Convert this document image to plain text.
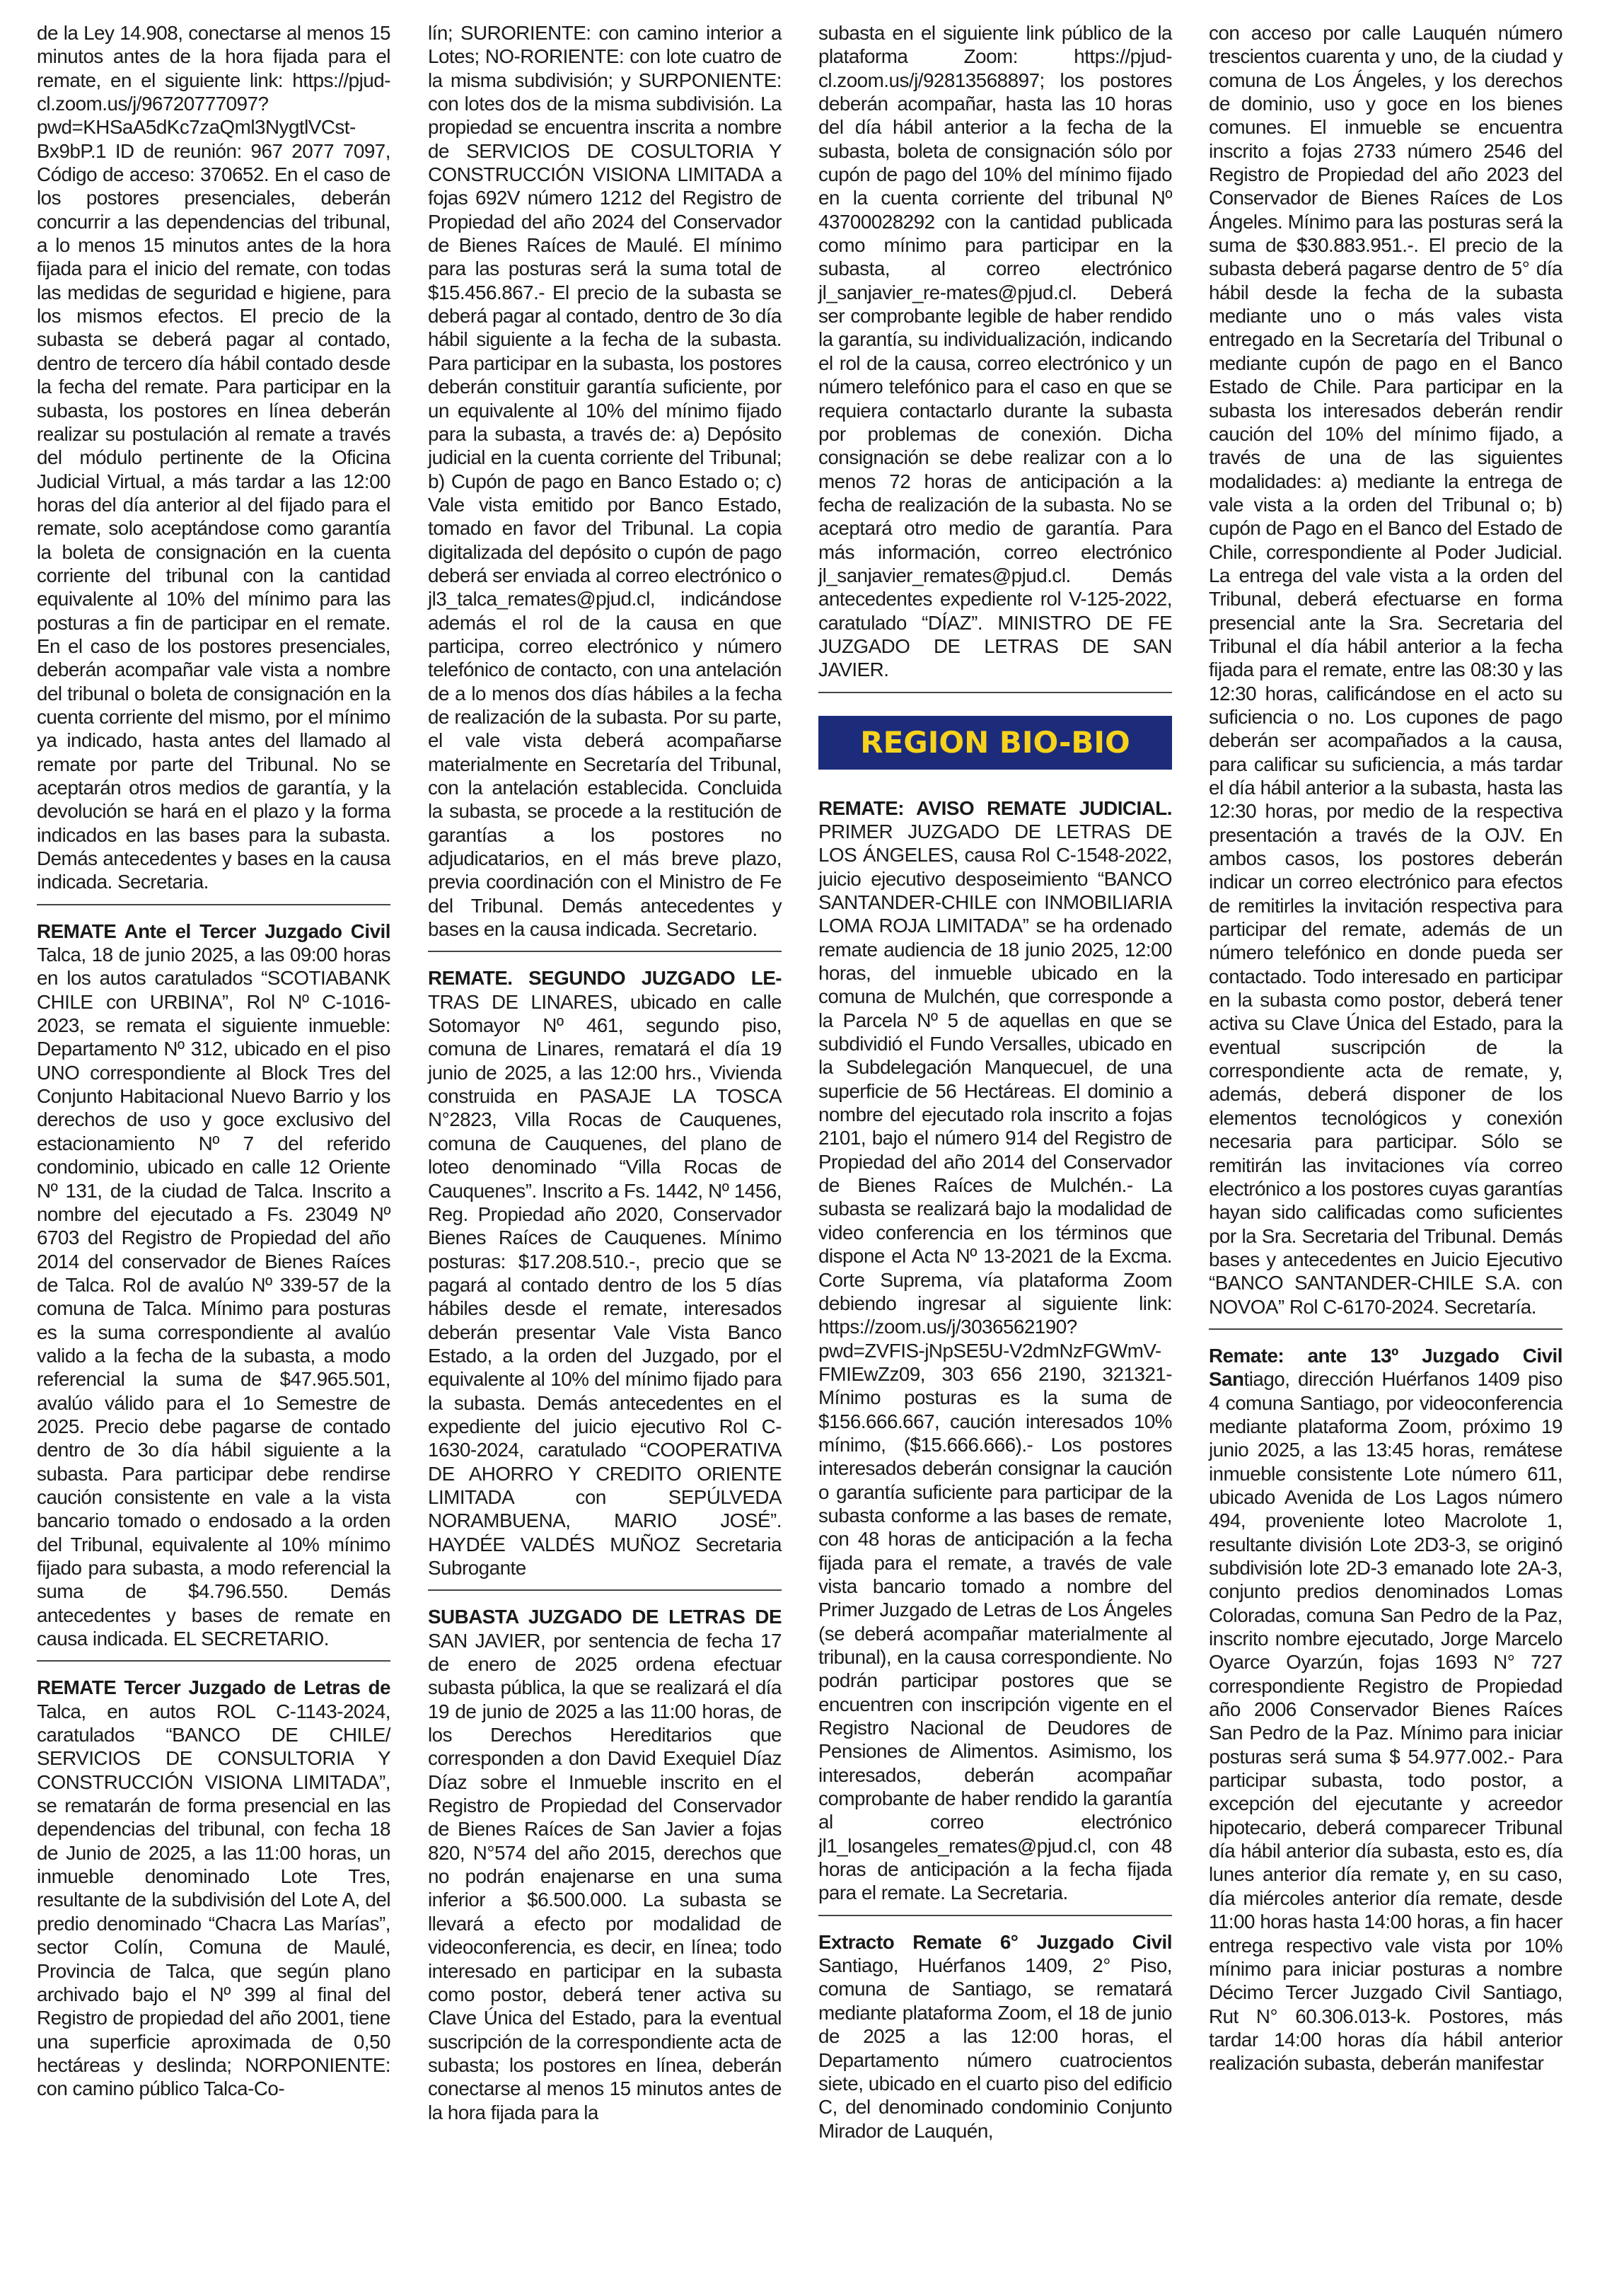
de la Ley 14.908, conectarse al menos 15 minutos antes de la hora fijada para el remate, en el siguiente link: https://pjud-cl.zoom.us/j/96720777097?pwd=KHSaA5dKc7zaQml3NygtlVCst-Bx9bP.1 ID de reunión: 967 2077 7097, Código de acceso: 370652. En el caso de los postores presenciales, deberán concurrir a las dependencias del tribunal, a lo menos 15 minutos antes de la hora fijada para el inicio del remate, con todas las medidas de seguridad e higiene, para los mismos efectos. El precio de la subasta se deberá pagar al contado, dentro de tercero día hábil contado desde la fecha del remate. Para participar en la subasta, los postores en línea deberán realizar su postulación al remate a través del módulo pertinente de la Oficina Judicial Virtual, a más tardar a las 12:00 horas del día anterior al del fijado para el remate, solo aceptándose como garantía la boleta de consignación en la cuenta corriente del tribunal con la cantidad equivalente al 10% del mínimo para las posturas a fin de participar en el remate. En el caso de los postores presenciales, deberán acompañar vale vista a nombre del tribunal o boleta de consignación en la cuenta corriente del mismo, por el mínimo ya indicado, hasta antes del llamado al remate por parte del Tribunal. No se aceptarán otros medios de garantía, y la devolución se hará en el plazo y la forma indicados en las bases para la subasta. Demás antecedentes y bases en la causa indicada. Secretaria.

REMATE Ante el Tercer Juzgado Civil Talca, 18 de junio 2025, a las 09:00 horas en los autos caratulados “SCOTIABANK CHILE con URBINA”, Rol Nº C-1016-2023, se remata el siguiente inmueble: Departamento Nº 312, ubicado en el piso UNO correspondiente al Block Tres del Conjunto Habitacional Nuevo Barrio y los derechos de uso y goce exclusivo del estacionamiento Nº 7 del referido condominio, ubicado en calle 12 Oriente Nº 131, de la ciudad de Talca. Inscrito a nombre del ejecutado a Fs. 23049 Nº 6703 del Registro de Propiedad del año 2014 del conservador de Bienes Raíces de Talca. Rol de avalúo Nº 339-57 de la comuna de Talca. Mínimo para posturas es la suma correspondiente al avalúo valido a la fecha de la subasta, a modo referencial la suma de $47.965.501, avalúo válido para el 1o Semestre de 2025. Precio debe pagarse de contado dentro de 3o día hábil siguiente a la subasta. Para participar debe rendirse caución consistente en vale a la vista bancario tomado o endosado a la orden del Tribunal, equivalente al 10% mínimo fijado para subasta, a modo referencial la suma de $4.796.550. Demás antecedentes y bases de remate en causa indicada. EL SECRETARIO.

REMATE Tercer Juzgado de Letras de Talca, en autos ROL C-1143-2024, caratulados “BANCO DE CHILE/ SERVICIOS DE CONSULTORIA Y CONSTRUCCIÓN VISIONA LIMITADA”, se rematarán de forma presencial en las dependencias del tribunal, con fecha 18 de Junio de 2025, a las 11:00 horas, un inmueble denominado Lote Tres, resultante de la subdivisión del Lote A, del predio denominado “Chacra Las Marías”, sector Colín, Comuna de Maulé, Provincia de Talca, que según plano archivado bajo el Nº 399 al final del Registro de propiedad del año 2001, tiene una superficie aproximada de 0,50 hectáreas y deslinda; NORPONIENTE: con camino público Talca-Co-

lín; SURORIENTE: con camino interior a Lotes; NO-RORIENTE: con lote cuatro de la misma subdivisión; y SURPONIENTE: con lotes dos de la misma subdivisión. La propiedad se encuentra inscrita a nombre de SERVICIOS DE COSULTORIA Y CONSTRUCCIÓN VISIONA LIMITADA a fojas 692V número 1212 del Registro de Propiedad del año 2024 del Conservador de Bienes Raíces de Maulé. El mínimo para las posturas será la suma total de $15.456.867.- El precio de la subasta se deberá pagar al contado, dentro de 3o día hábil siguiente a la fecha de la subasta. Para participar en la subasta, los postores deberán constituir garantía suficiente, por un equivalente al 10% del mínimo fijado para la subasta, a través de: a) Depósito judicial en la cuenta corriente del Tribunal; b) Cupón de pago en Banco Estado o; c) Vale vista emitido por Banco Estado, tomado en favor del Tribunal. La copia digitalizada del depósito o cupón de pago deberá ser enviada al correo electrónico o jl3_talca_remates@pjud.cl, indicándose además el rol de la causa en que participa, correo electrónico y número telefónico de contacto, con una antelación de a lo menos dos días hábiles a la fecha de realización de la subasta. Por su parte, el vale vista deberá acompañarse materialmente en Secretaría del Tribunal, con la antelación establecida. Concluida la subasta, se procede a la restitución de garantías a los postores no adjudicatarios, en el más breve plazo, previa coordinación con el Ministro de Fe del Tribunal. Demás antecedentes y bases en la causa indicada. Secretario.

REMATE. SEGUNDO JUZGADO LE- TRAS DE LINARES, ubicado en calle Sotomayor Nº 461, segundo piso, comuna de Linares, rematará el día 19 junio de 2025, a las 12:00 hrs., Vivienda construida en PASAJE LA TOSCA N°2823, Villa Rocas de Cauquenes, comuna de Cauquenes, del plano de loteo denominado “Villa Rocas de Cauquenes”. Inscrito a Fs. 1442, Nº 1456, Reg. Propiedad año 2020, Conservador Bienes Raíces de Cauquenes. Mínimo posturas: $17.208.510.-, precio que se pagará al contado dentro de los 5 días hábiles desde el remate, interesados deberán presentar Vale Vista Banco Estado, a la orden del Juzgado, por el equivalente al 10% del mínimo fijado para la subasta. Demás antecedentes en el expediente del juicio ejecutivo Rol C-1630-2024, caratulado “COOPERATIVA DE AHORRO Y CREDITO ORIENTE LIMITADA con SEPÚLVEDA NORAMBUENA, MARIO JOSÉ”. HAYDÉE VALDÉS MUÑOZ Secretaria Subrogante

SUBASTA JUZGADO DE LETRAS DE SAN JAVIER, por sentencia de fecha 17 de enero de 2025 ordena efectuar subasta pública, la que se realizará el día 19 de junio de 2025 a las 11:00 horas, de los Derechos Hereditarios que corresponden a don David Exequiel Díaz Díaz sobre el Inmueble inscrito en el Registro de Propiedad del Conservador de Bienes Raíces de San Javier a fojas 820, N°574 del año 2015, derechos que no podrán enajenarse en una suma inferior a $6.500.000. La subasta se llevará a efecto por modalidad de videoconferencia, es decir, en línea; todo interesado en participar en la subasta como postor, deberá tener activa su Clave Única del Estado, para la eventual suscripción de la correspondiente acta de subasta; los postores en línea, deberán conectarse al menos 15 minutos antes de la hora fijada para la

subasta en el siguiente link público de la plataforma Zoom: https://pjud-cl.zoom.us/j/92813568897; los postores deberán acompañar, hasta las 10 horas del día hábil anterior a la fecha de la subasta, boleta de consignación sólo por cupón de pago del 10% del mínimo fijado en la cuenta corriente del tribunal Nº 43700028292 con la cantidad publicada como mínimo para participar en la subasta, al correo electrónico jl_sanjavier_re-mates@pjud.cl. Deberá ser comprobante legible de haber rendido la garantía, su individualización, indicando el rol de la causa, correo electrónico y un número telefónico para el caso en que se requiera contactarlo durante la subasta por problemas de conexión. Dicha consignación se debe realizar con a lo menos 72 horas de anticipación a la fecha de realización de la subasta. No se aceptará otro medio de garantía. Para más información, correo electrónico jl_sanjavier_remates@pjud.cl. Demás antecedentes expediente rol V-125-2022, caratulado “DÍAZ”. MINISTRO DE FE JUZGADO DE LETRAS DE SAN JAVIER.

REGION BIO-BIO

REMATE: AVISO REMATE JUDICIAL. PRIMER JUZGADO DE LETRAS DE LOS ÁNGELES, causa Rol C-1548-2022, juicio ejecutivo desposeimiento “BANCO SANTANDER-CHILE con INMOBILIARIA LOMA ROJA LIMITADA” se ha ordenado remate audiencia de 18 junio 2025, 12:00 horas, del inmueble ubicado en la comuna de Mulchén, que corresponde a la Parcela Nº 5 de aquellas en que se subdividió el Fundo Versalles, ubicado en la Subdelegación Manquecuel, de una superficie de 56 Hectáreas. El dominio a nombre del ejecutado rola inscrito a fojas 2101, bajo el número 914 del Registro de Propiedad del año 2014 del Conservador de Bienes Raíces de Mulchén.- La subasta se realizará bajo la modalidad de video conferencia en los términos que dispone el Acta Nº 13-2021 de la Excma. Corte Suprema, vía plataforma Zoom debiendo ingresar al siguiente link: https://zoom.us/j/3036562190?pwd=ZVFIS-jNpSE5U-V2dmNzFGWmV-FMIEwZz09, 303 656 2190, 321321- Mínimo posturas es la suma de $156.666.667, caución interesados 10% mínimo, ($15.666.666).- Los postores interesados deberán consignar la caución o garantía suficiente para participar de la subasta conforme a las bases de remate, con 48 horas de anticipación a la fecha fijada para el remate, a través de vale vista bancario tomado a nombre del Primer Juzgado de Letras de Los Ángeles (se deberá acompañar materialmente al tribunal), en la causa correspondiente. No podrán participar postores que se encuentren con inscripción vigente en el Registro Nacional de Deudores de Pensiones de Alimentos. Asimismo, los interesados, deberán acompañar comprobante de haber rendido la garantía al correo electrónico jl1_losangeles_remates@pjud.cl, con 48 horas de anticipación a la fecha fijada para el remate. La Secretaria.

Extracto Remate 6° Juzgado Civil Santiago, Huérfanos 1409, 2° Piso, comuna de Santiago, se rematará mediante plataforma Zoom, el 18 de junio de 2025 a las 12:00 horas, el Departamento número cuatrocientos siete, ubicado en el cuarto piso del edificio C, del denominado condominio Conjunto Mirador de Lauquén,

con acceso por calle Lauquén número trescientos cuarenta y uno, de la ciudad y comuna de Los Ángeles, y los derechos de dominio, uso y goce en los bienes comunes. El inmueble se encuentra inscrito a fojas 2733 número 2546 del Registro de Propiedad del año 2023 del Conservador de Bienes Raíces de Los Ángeles. Mínimo para las posturas será la suma de $30.883.951.-. El precio de la subasta deberá pagarse dentro de 5° día hábil desde la fecha de la subasta mediante uno o más vales vista entregado en la Secretaría del Tribunal o mediante cupón de pago en el Banco Estado de Chile. Para participar en la subasta los interesados deberán rendir caución del 10% del mínimo fijado, a través de una de las siguientes modalidades: a) mediante la entrega de vale vista a la orden del Tribunal o; b) cupón de Pago en el Banco del Estado de Chile, correspondiente al Poder Judicial. La entrega del vale vista a la orden del Tribunal, deberá efectuarse en forma presencial ante la Sra. Secretaria del Tribunal el día hábil anterior a la fecha fijada para el remate, entre las 08:30 y las 12:30 horas, calificándose en el acto su suficiencia o no. Los cupones de pago deberán ser acompañados a la causa, para calificar su suficiencia, a más tardar el día hábil anterior a la subasta, hasta las 12:30 horas, por medio de la respectiva presentación a través de la OJV. En ambos casos, los postores deberán indicar un correo electrónico para efectos de remitirles la invitación respectiva para participar del remate, además de un número telefónico en donde pueda ser contactado. Todo interesado en participar en la subasta como postor, deberá tener activa su Clave Única del Estado, para la eventual suscripción de la correspondiente acta de remate, y, además, deberá disponer de los elementos tecnológicos y conexión necesaria para participar. Sólo se remitirán las invitaciones vía correo electrónico a los postores cuyas garantías hayan sido calificadas como suficientes por la Sra. Secretaria del Tribunal. Demás bases y antecedentes en Juicio Ejecutivo “BANCO SANTANDER-CHILE S.A. con NOVOA” Rol C-6170-2024. Secretaría.

Remate: ante 13º Juzgado Civil Santiago, dirección Huérfanos 1409 piso 4 comuna Santiago, por videoconferencia mediante plataforma Zoom, próximo 19 junio 2025, a las 13:45 horas, remátese inmueble consistente Lote número 611, ubicado Avenida de Los Lagos número 494, proveniente loteo Macrolote 1, resultante división Lote 2D3-3, se originó subdivisión lote 2D-3 emanado lote 2A-3, conjunto predios denominados Lomas Coloradas, comuna San Pedro de la Paz, inscrito nombre ejecutado, Jorge Marcelo Oyarce Oyarzún, fojas 1693 N° 727 correspondiente Registro de Propiedad año 2006 Conservador Bienes Raíces San Pedro de la Paz. Mínimo para iniciar posturas será suma $ 54.977.002.- Para participar subasta, todo postor, a excepción del ejecutante y acreedor hipotecario, deberá comparecer Tribunal día hábil anterior día subasta, esto es, día lunes anterior día remate y, en su caso, día miércoles anterior día remate, desde 11:00 horas hasta 14:00 horas, a fin hacer entrega respectivo vale vista por 10% mínimo para iniciar posturas a nombre Décimo Tercer Juzgado Civil Santiago, Rut N° 60.306.013-k. Postores, más tardar 14:00 horas día hábil anterior realización subasta, deberán manifestar
